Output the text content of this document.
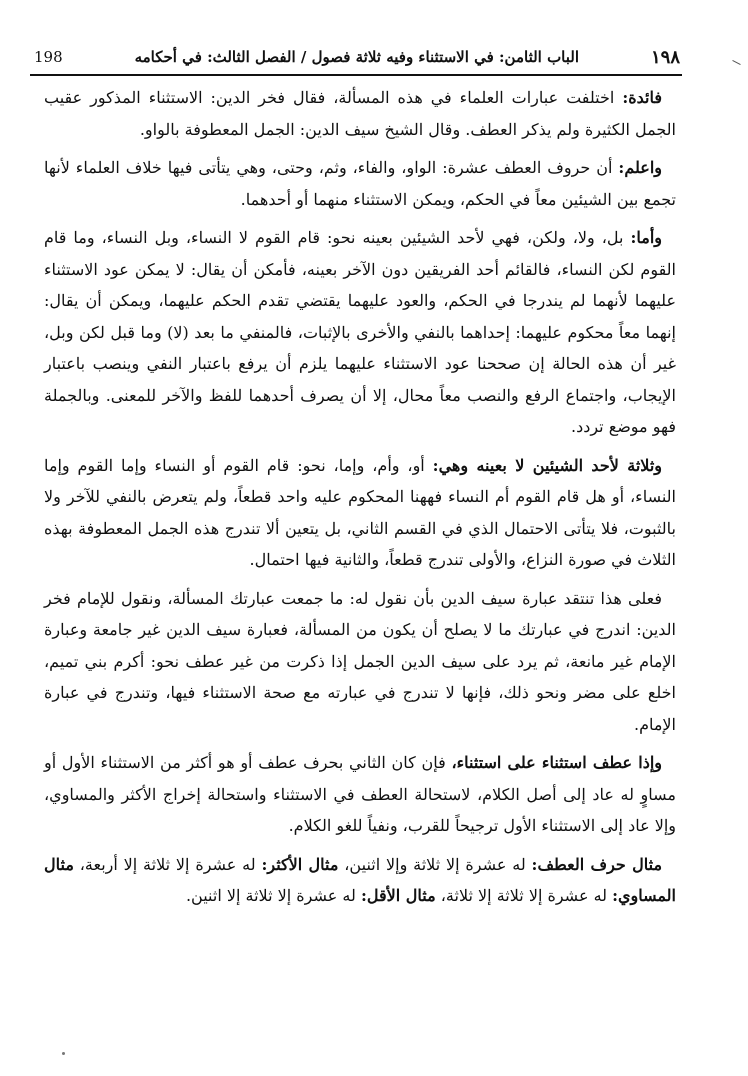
198	الباب الثامن: في الاستثناء وفيه ثلاثة فصول / الفصل الثالث: في أحكامه	١٩٨

فائدة: اختلفت عبارات العلماء في هذه المسألة، فقال فخر الدين: الاستثناء المذكور عقيب الجمل الكثيرة ولم يذكر العطف. وقال الشيخ سيف الدين: الجمل المعطوفة بالواو.

واعلم: أن حروف العطف عشرة: الواو، والفاء، وثم، وحتى، وهي يتأتى فيها خلاف العلماء لأنها تجمع بين الشيئين معاً في الحكم، ويمكن الاستثناء منهما أو أحدهما.

وأما: بل، ولا، ولكن، فهي لأحد الشيئين بعينه نحو: قام القوم لا النساء، وبل النساء، وما قام القوم لكن النساء، فالقائم أحد الفريقين دون الآخر بعينه، فأمكن أن يقال: لا يمكن عود الاستثناء عليهما لأنهما لم يندرجا في الحكم، والعود عليهما يقتضي تقدم الحكم عليهما، ويمكن أن يقال: إنهما معاً محكوم عليهما: إحداهما بالنفي والأخرى بالإثبات، فالمنفي ما بعد (لا) وما قبل لكن وبل، غير أن هذه الحالة إن صححنا عود الاستثناء عليهما يلزم أن يرفع باعتبار النفي وينصب باعتبار الإيجاب، واجتماع الرفع والنصب معاً محال، إلا أن يصرف أحدهما للفظ والآخر للمعنى. وبالجملة فهو موضع تردد.

وثلاثة لأحد الشيئين لا بعينه وهي: أو، وأم، وإما، نحو: قام القوم أو النساء وإما القوم وإما النساء، أو هل قام القوم أم النساء فههنا المحكوم عليه واحد قطعاً، ولم يتعرض بالنفي للآخر ولا بالثبوت، فلا يتأتى الاحتمال الذي في القسم الثاني، بل يتعين ألا تندرج هذه الجمل المعطوفة بهذه الثلاث في صورة النزاع، والأولى تندرج قطعاً، والثانية فيها احتمال.

فعلى هذا تنتقد عبارة سيف الدين بأن نقول له: ما جمعت عبارتك المسألة، ونقول للإمام فخر الدين: اندرج في عبارتك ما لا يصلح أن يكون من المسألة، فعبارة سيف الدين غير جامعة وعبارة الإمام غير مانعة، ثم يرد على سيف الدين الجمل إذا ذكرت من غير عطف نحو: أكرم بني تميم، اخلع على مضر ونحو ذلك، فإنها لا تندرج في عبارته مع صحة الاستثناء فيها، وتندرج في عبارة الإمام.

وإذا عطف استثناء على استثناء، فإن كان الثاني بحرف عطف أو هو أكثر من الاستثناء الأول أو مساوٍ له عاد إلى أصل الكلام، لاستحالة العطف في الاستثناء واستحالة إخراج الأكثر والمساوي، وإلا عاد إلى الاستثناء الأول ترجيحاً للقرب، ونفياً للغو الكلام.

مثال حرف العطف: له عشرة إلا ثلاثة وإلا اثنين، مثال الأكثر: له عشرة إلا ثلاثة إلا أربعة، مثال المساوي: له عشرة إلا ثلاثة إلا ثلاثة، مثال الأقل: له عشرة إلا ثلاثة إلا اثنين.
